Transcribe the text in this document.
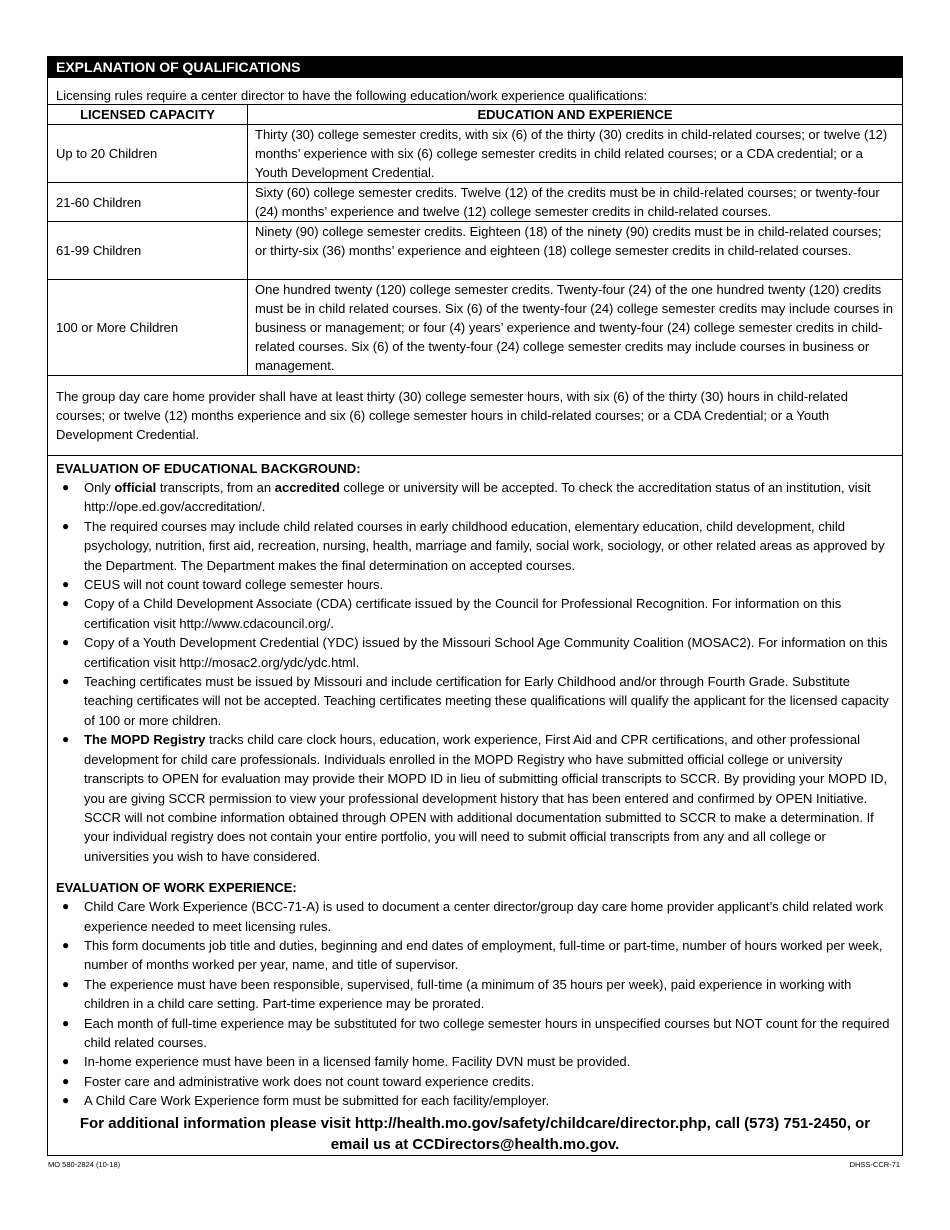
EXPLANATION OF QUALIFICATIONS
Licensing rules require a center director to have the following education/work experience qualifications:
LICENSED CAPACITY	EDUCATION AND EXPERIENCE
Up to 20 Children	Thirty (30) college semester credits, with six (6) of the thirty (30) credits in child-related courses; or twelve (12) months’ experience with six (6) college semester credits in child related courses; or a CDA credential; or a Youth Development Credential.
21-60 Children	Sixty (60) college semester credits. Twelve (12) of the credits must be in child-related courses; or twenty-four (24) months’ experience and twelve (12) college semester credits in child-related courses.
61-99 Children	Ninety (90) college semester credits. Eighteen (18) of the ninety (90) credits must be in child-related courses; or thirty-six (36) months’ experience and eighteen (18) college semester credits in child-related courses.
100 or More Children	One hundred twenty (120) college semester credits. Twenty-four (24) of the one hundred twenty (120) credits must be in child related courses. Six (6) of the twenty-four (24) college semester credits may include courses in business or management; or four (4) years’ experience and twenty-four (24) college semester credits in child-related courses. Six (6) of the twenty-four (24) college semester credits may include courses in business or management.
The group day care home provider shall have at least thirty (30) college semester hours, with six (6) of the thirty (30) hours in child-related courses; or twelve (12) months experience and six (6) college semester hours in child-related courses; or a CDA Credential; or a Youth Development Credential.
EVALUATION OF EDUCATIONAL BACKGROUND:
● Only official transcripts, from an accredited college or university will be accepted. To check the accreditation status of an institution, visit http://ope.ed.gov/accreditation/.
● The required courses may include child related courses in early childhood education, elementary education, child development, child psychology, nutrition, first aid, recreation, nursing, health, marriage and family, social work, sociology, or other related areas as approved by the Department. The Department makes the final determination on accepted courses.
● CEUS will not count toward college semester hours.
● Copy of a Child Development Associate (CDA) certificate issued by the Council for Professional Recognition. For information on this certification visit http://www.cdacouncil.org/.
● Copy of a Youth Development Credential (YDC) issued by the Missouri School Age Community Coalition (MOSAC2). For information on this certification visit http://mosac2.org/ydc/ydc.html.
● Teaching certificates must be issued by Missouri and include certification for Early Childhood and/or through Fourth Grade. Substitute teaching certificates will not be accepted. Teaching certificates meeting these qualifications will qualify the applicant for the licensed capacity of 100 or more children.
● The MOPD Registry tracks child care clock hours, education, work experience, First Aid and CPR certifications, and other professional development for child care professionals. Individuals enrolled in the MOPD Registry who have submitted official college or university transcripts to OPEN for evaluation may provide their MOPD ID in lieu of submitting official transcripts to SCCR. By providing your MOPD ID, you are giving SCCR permission to view your professional development history that has been entered and confirmed by OPEN Initiative. SCCR will not combine information obtained through OPEN with additional documentation submitted to SCCR to make a determination. If your individual registry does not contain your entire portfolio, you will need to submit official transcripts from any and all college or universities you wish to have considered.
EVALUATION OF WORK EXPERIENCE:
● Child Care Work Experience (BCC-71-A) is used to document a center director/group day care home provider applicant’s child related work experience needed to meet licensing rules.
● This form documents job title and duties, beginning and end dates of employment, full-time or part-time, number of hours worked per week, number of months worked per year, name, and title of supervisor.
● The experience must have been responsible, supervised, full-time (a minimum of 35 hours per week), paid experience in working with children in a child care setting. Part-time experience may be prorated.
● Each month of full-time experience may be substituted for two college semester hours in unspecified courses but NOT count for the required child related courses.
● In-home experience must have been in a licensed family home. Facility DVN must be provided.
● Foster care and administrative work does not count toward experience credits.
● A Child Care Work Experience form must be submitted for each facility/employer.
For additional information please visit http://health.mo.gov/safety/childcare/director.php, call (573) 751-2450, or
email us at CCDirectors@health.mo.gov.
MO 580-2824 (10-18)	DHSS-CCR-71
